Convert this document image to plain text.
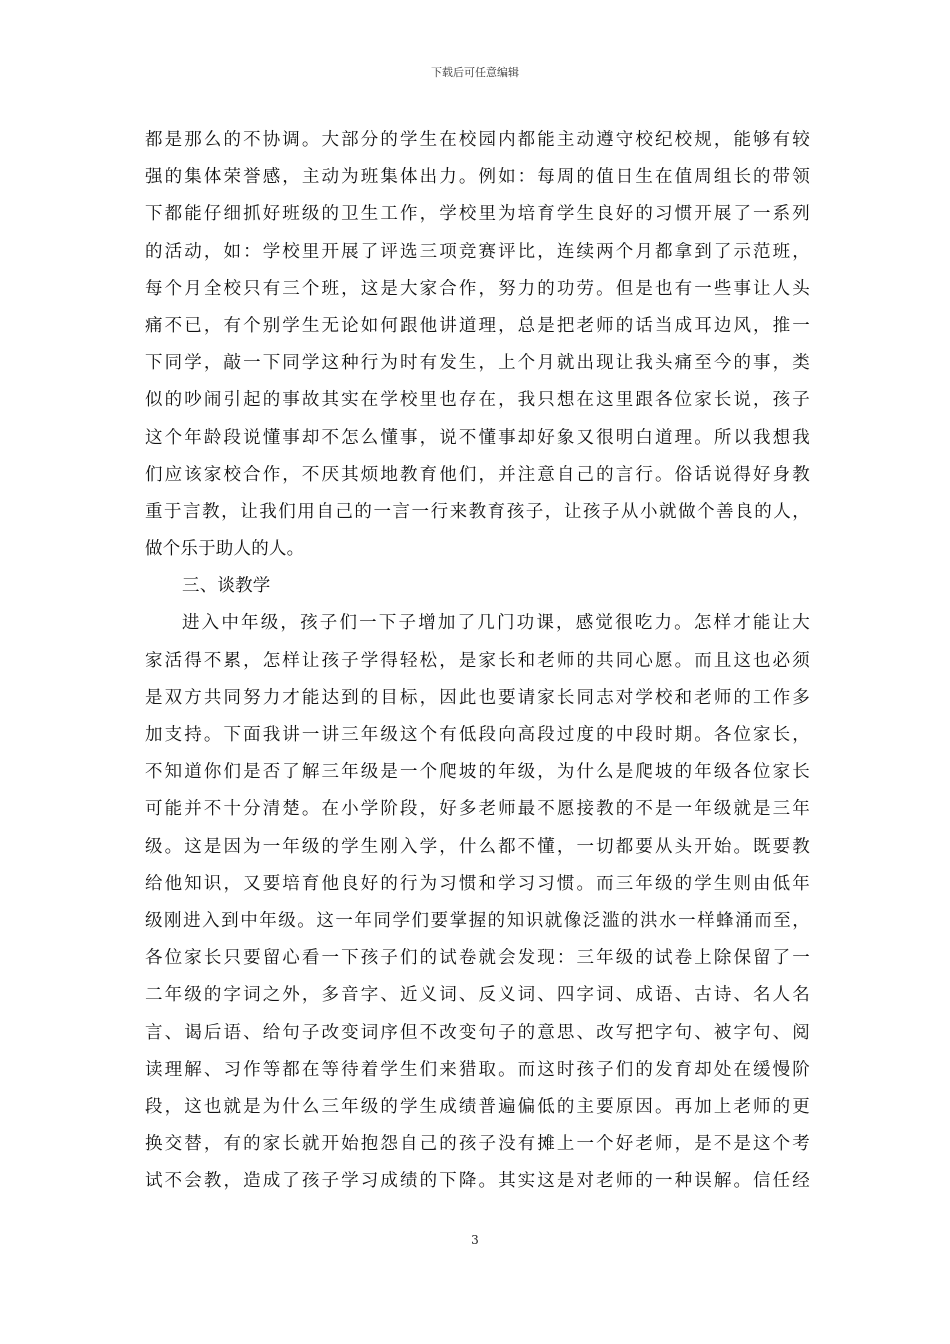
下载后可任意编辑
都是那么的不协调。大部分的学生在校园内都能主动遵守校纪校规，能够有较
强的集体荣誉感，主动为班集体出力。例如：每周的值日生在值周组长的带领
下都能仔细抓好班级的卫生工作，学校里为培育学生良好的习惯开展了一系列
的活动，如：学校里开展了评选三项竞赛评比，连续两个月都拿到了示范班，
每个月全校只有三个班，这是大家合作，努力的功劳。但是也有一些事让人头
痛不已，有个别学生无论如何跟他讲道理，总是把老师的话当成耳边风，推一
下同学，敲一下同学这种行为时有发生，上个月就出现让我头痛至今的事，类
似的吵闹引起的事故其实在学校里也存在，我只想在这里跟各位家长说，孩子
这个年龄段说懂事却不怎么懂事，说不懂事却好象又很明白道理。所以我想我
们应该家校合作，不厌其烦地教育他们，并注意自己的言行。俗话说得好身教
重于言教，让我们用自己的一言一行来教育孩子，让孩子从小就做个善良的人，
做个乐于助人的人。
三、谈教学
进入中年级，孩子们一下子增加了几门功课，感觉很吃力。怎样才能让大
家活得不累，怎样让孩子学得轻松，是家长和老师的共同心愿。而且这也必须
是双方共同努力才能达到的目标，因此也要请家长同志对学校和老师的工作多
加支持。下面我讲一讲三年级这个有低段向高段过度的中段时期。各位家长，
不知道你们是否了解三年级是一个爬坡的年级，为什么是爬坡的年级各位家长
可能并不十分清楚。在小学阶段，好多老师最不愿接教的不是一年级就是三年
级。这是因为一年级的学生刚入学，什么都不懂，一切都要从头开始。既要教
给他知识，又要培育他良好的行为习惯和学习习惯。而三年级的学生则由低年
级刚进入到中年级。这一年同学们要掌握的知识就像泛滥的洪水一样蜂涌而至，
各位家长只要留心看一下孩子们的试卷就会发现：三年级的试卷上除保留了一
二年级的字词之外，多音字、近义词、反义词、四字词、成语、古诗、名人名
言、谒后语、给句子改变词序但不改变句子的意思、改写把字句、被字句、阅
读理解、习作等都在等待着学生们来猎取。而这时孩子们的发育却处在缓慢阶
段，这也就是为什么三年级的学生成绩普遍偏低的主要原因。再加上老师的更
换交替，有的家长就开始抱怨自己的孩子没有摊上一个好老师，是不是这个考
试不会教，造成了孩子学习成绩的下降。其实这是对老师的一种误解。信任经
3
